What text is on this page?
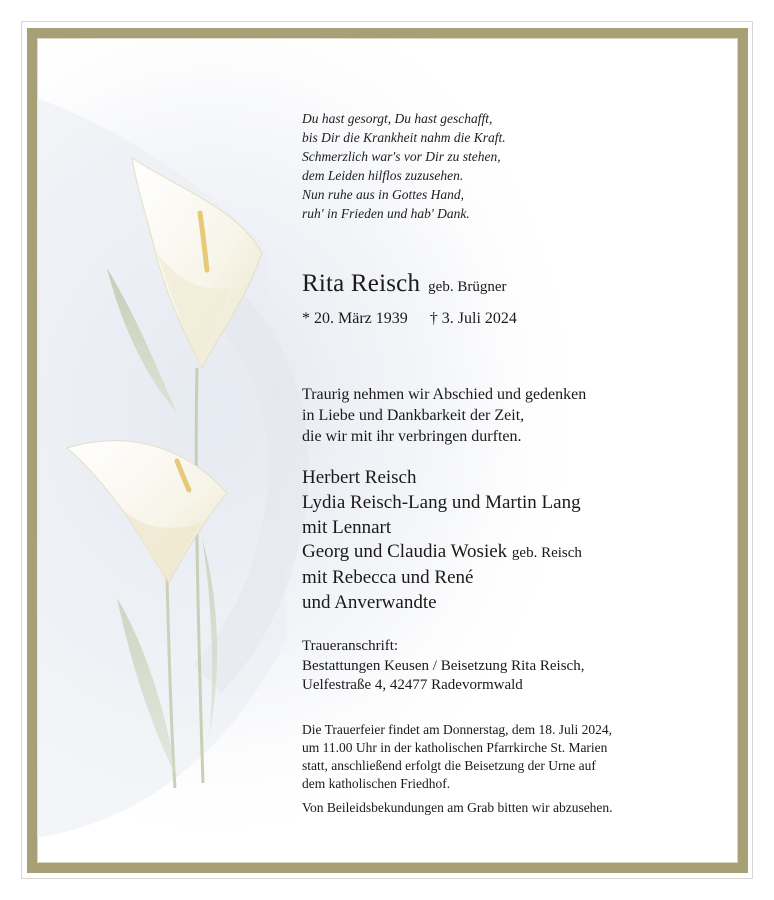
Du hast gesorgt, Du hast geschafft,
bis Dir die Krankheit nahm die Kraft.
Schmerzlich war's vor Dir zu stehen,
dem Leiden hilflos zuzusehen.
Nun ruhe aus in Gottes Hand,
ruh' in Frieden und hab' Dank.
Rita Reisch geb. Brügner
* 20. März 1939 † 3. Juli 2024
Traurig nehmen wir Abschied und gedenken
in Liebe und Dankbarkeit der Zeit,
die wir mit ihr verbringen durften.
Herbert Reisch
Lydia Reisch-Lang und Martin Lang
mit Lennart
Georg und Claudia Wosiek geb. Reisch
mit Rebecca und René
und Anverwandte
Traueranschrift:
Bestattungen Keusen / Beisetzung Rita Reisch,
Uelfestraße 4, 42477 Radevormwald
Die Trauerfeier findet am Donnerstag, dem 18. Juli 2024,
um 11.00 Uhr in der katholischen Pfarrkirche St. Marien
statt, anschließend erfolgt die Beisetzung der Urne auf
dem katholischen Friedhof.
Von Beileidsbekundungen am Grab bitten wir abzusehen.
